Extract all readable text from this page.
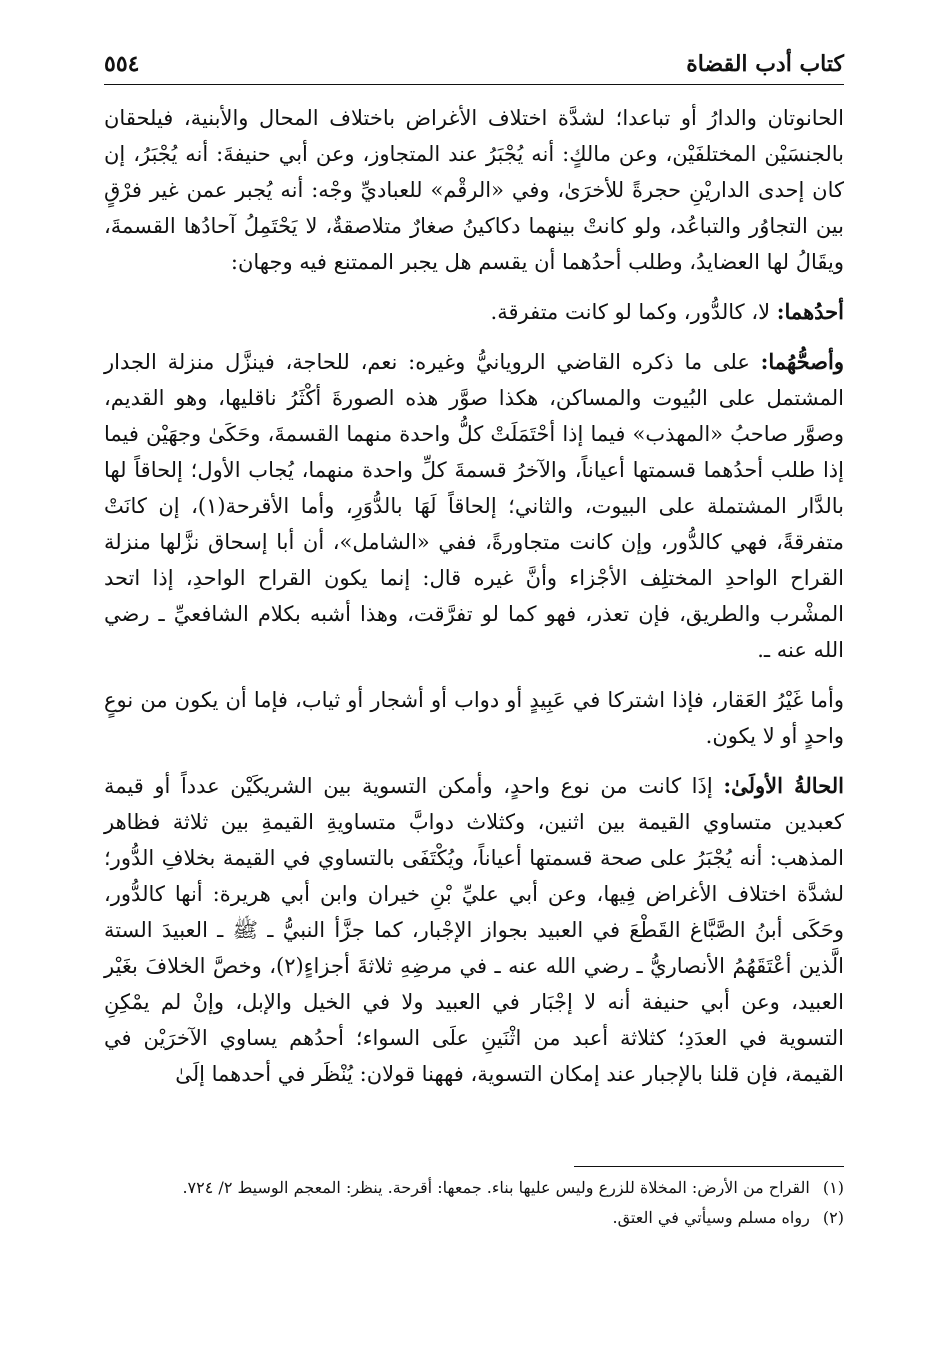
كتاب أدب القضاة
٥٥٤

الحانوتان والدارُ أو تباعدا؛ لشدَّة اختلاف الأغراض باختلاف المحال والأبنية، فيلحقان بالجنسَيْن المختلفَيْن، وعن مالكٍ: أنه يُجْبَرُ عند المتجاوز، وعن أبي حنيفةَ: أنه يُجْبَرُ، إن كان إحدى الداريْنِ حجرةً للأخرَىٰ، وفي «الرقْم» للعباديِّ وجْه: أنه يُجبر عمن غير فرْقٍ بين التجاوُر والتباعُد، ولو كانتْ بينهما دكاكينُ صغارٌ متلاصقةٌ، لا يَحْتَمِلُ آحادُها القسمةَ، ويقَالُ لها العضايدُ، وطلب أحدُهما أن يقسم هل يجبر الممتنع فيه وجهان:

أحدُهما: لا، كالدُّور، وكما لو كانت متفرقة.

وأصحُّهُما: على ما ذكره القاضي الرويانيُّ وغيره: نعم، للحاجة، فينزَّل منزلة الجدار المشتمل على البُيوت والمساكن، هكذا صوَّر هذه الصورةَ أكْثَرُ ناقليها، وهو القديم، وصوَّر صاحبُ «المهذب» فيما إذا أحْتَمَلَتْ كلُّ واحدة منهما القسمةَ، وحَكَىٰ وجهَيْن فيما إذا طلب أحدُهما قسمتها أعياناً، والآخرُ قسمةَ كلِّ واحدة منهما، يُجاب الأول؛ إلحاقاً لها بالدَّار المشتملة على البيوت، والثاني؛ إلحاقاً لَهَا بالدُّوَرِ، وأما الأقرحة(١)، إن كانَتْ متفرقةً، فهي كالدُّور، وإن كانت متجاورةً، ففي «الشامل»، أن أبا إسحاق نزَّلها منزلة القراح الواحدِ المختلِف الأجْزاء وأنَّ غيره قال: إنما يكون القراح الواحدِ، إذا اتحد المشْرب والطريق، فإن تعذر، فهو كما لو تفرَّقت، وهذا أشبه بكلام الشافعيِّ ـ رضي الله عنه ـ.

وأما غَيْرُ العَقار، فإذا اشتركا في عَبِيدٍ أو دواب أو أشجار أو ثياب، فإما أن يكون من نوعٍ واحدٍ أو لا يكون.

الحالةُ الأولَىٰ: إذَا كانت من نوع واحدٍ، وأمكن التسوية بين الشريكَيْن عدداً أو قيمة كعبدين متساوي القيمة بين اثنين، وكثلاث دوابَّ متساويةِ القيمةِ بين ثلاثة فظاهر المذهب: أنه يُجْبَرُ على صحة قسمتها أعياناً، ويُكْتَفَى بالتساوي في القيمة بخلافِ الدُّور؛ لشدَّة اختلاف الأغراض فِيها، وعن أبي عليِّ بْنِ خيران وابن أبي هريرة: أنها كالدُّور، وحَكَى أبنُ الصَّبَّاغ القَطْعَ في العبيد بجواز الإجْبار، كما جزَّأ النبيُّ ـ ﷺ ـ العبيدَ الستة الَّذين أعْتَقَهُمُ الأنصاريُّ ـ رضي الله عنه ـ في مرضِهِ ثلاثةَ أجزاءٍ(٢)، وخصَّ الخلافَ بغَيْر العبيد، وعن أبي حنيفة أنه لا إجْبَار في العبيد ولا في الخيل والإبل، وإنْ لم يمْكِنِ التسوية في العدَدِ؛ كثلاثة أعبد من اثْنَينِ علَى السواء؛ أحدُهم يساوي الآخرَيْن في القيمة، فإن قلنا بالإجبار عند إمكان التسوية، فههنا قولان: يُنْظَر في أحدهما إلَىٰ

(١) القراح من الأرض: المخلاة للزرع وليس عليها بناء. جمعها: أقرحة. ينظر: المعجم الوسيط ٢/ ٧٢٤.

(٢) رواه مسلم وسيأتي في العتق.
